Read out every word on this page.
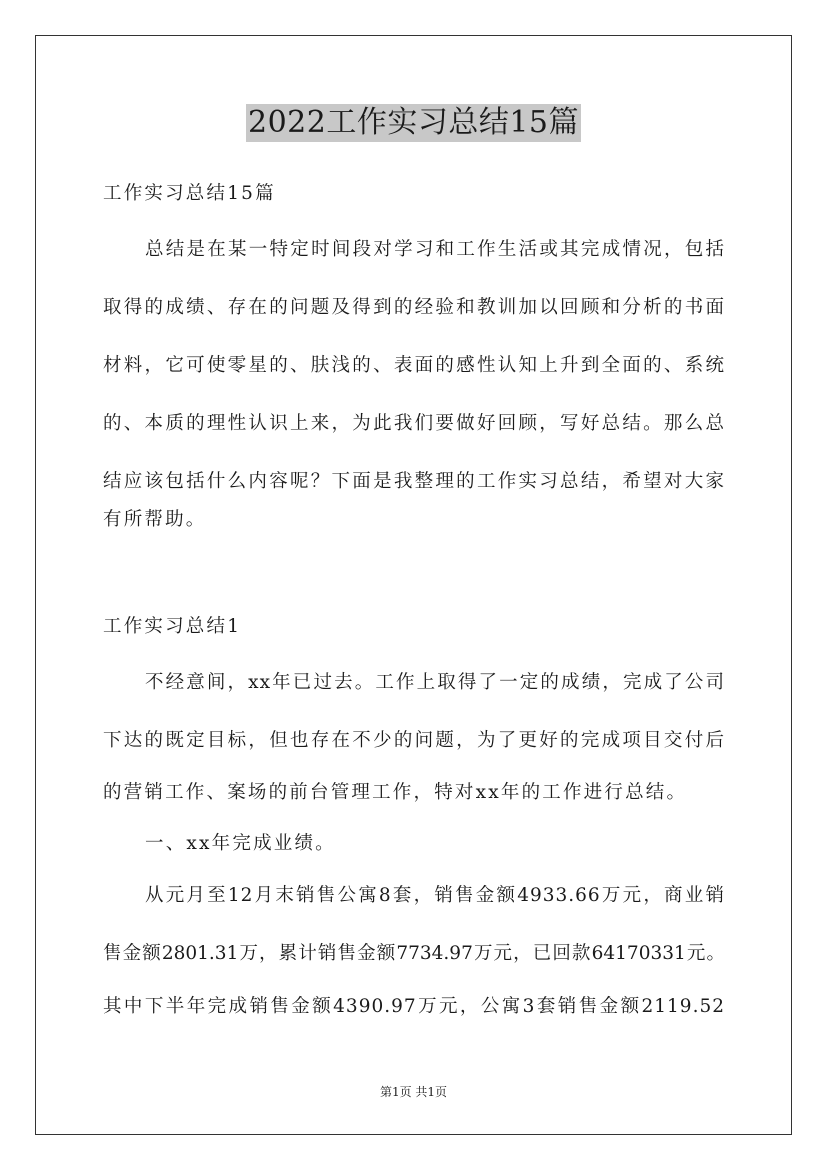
2022工作实习总结15篇
工作实习总结15篇
总结是在某一特定时间段对学习和工作生活或其完成情况，包括
取得的成绩、存在的问题及得到的经验和教训加以回顾和分析的书面
材料，它可使零星的、肤浅的、表面的感性认知上升到全面的、系统
的、本质的理性认识上来，为此我们要做好回顾，写好总结。那么总
结应该包括什么内容呢？下面是我整理的工作实习总结，希望对大家
有所帮助。
工作实习总结1
不经意间，xx年已过去。工作上取得了一定的成绩，完成了公司
下达的既定目标，但也存在不少的问题，为了更好的完成项目交付后
的营销工作、案场的前台管理工作，特对xx年的工作进行总结。
一、xx年完成业绩。
从元月至12月末销售公寓8套，销售金额4933.66万元，商业销
售金额2801.31万，累计销售金额7734.97万元，已回款64170331元。
其中下半年完成销售金额4390.97万元，公寓3套销售金额2119.52
第1页 共1页
